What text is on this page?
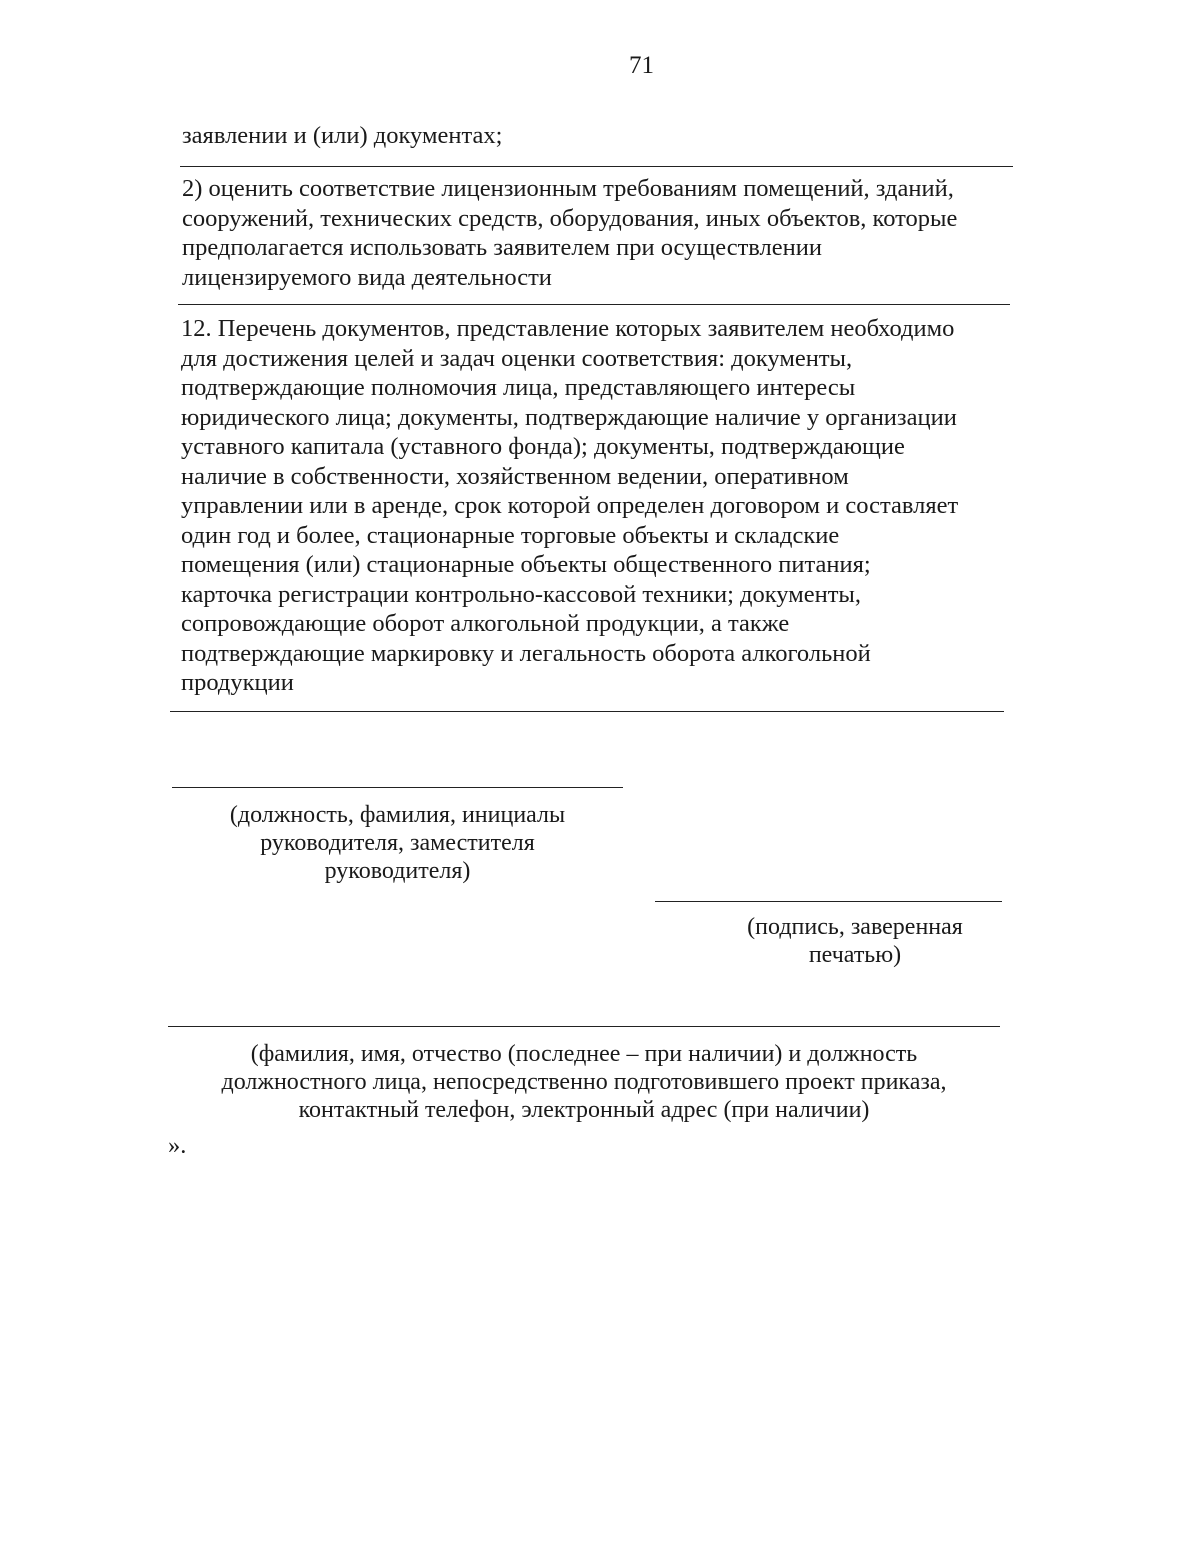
71
заявлении и (или) документах;
2) оценить соответствие лицензионным требованиям помещений, зданий,
сооружений, технических средств, оборудования, иных объектов, которые
предполагается использовать заявителем при осуществлении
лицензируемого вида деятельности
12. Перечень документов, представление которых заявителем необходимо
для достижения целей и задач оценки соответствия: документы,
подтверждающие полномочия лица, представляющего интересы
юридического лица; документы, подтверждающие наличие у организации
уставного капитала (уставного фонда); документы, подтверждающие
наличие в собственности, хозяйственном ведении, оперативном
управлении или в аренде, срок которой определен договором и составляет
один год и более, стационарные торговые объекты и складские
помещения (или) стационарные объекты общественного питания;
карточка регистрации контрольно-кассовой техники; документы,
сопровождающие оборот алкогольной продукции, а также
подтверждающие маркировку и легальность оборота алкогольной
продукции
(должность, фамилия, инициалы
руководителя, заместителя
руководителя)
(подпись, заверенная
печатью)
(фамилия, имя, отчество (последнее – при наличии) и должность
должностного лица, непосредственно подготовившего проект приказа,
контактный телефон, электронный адрес (при наличии)
».
